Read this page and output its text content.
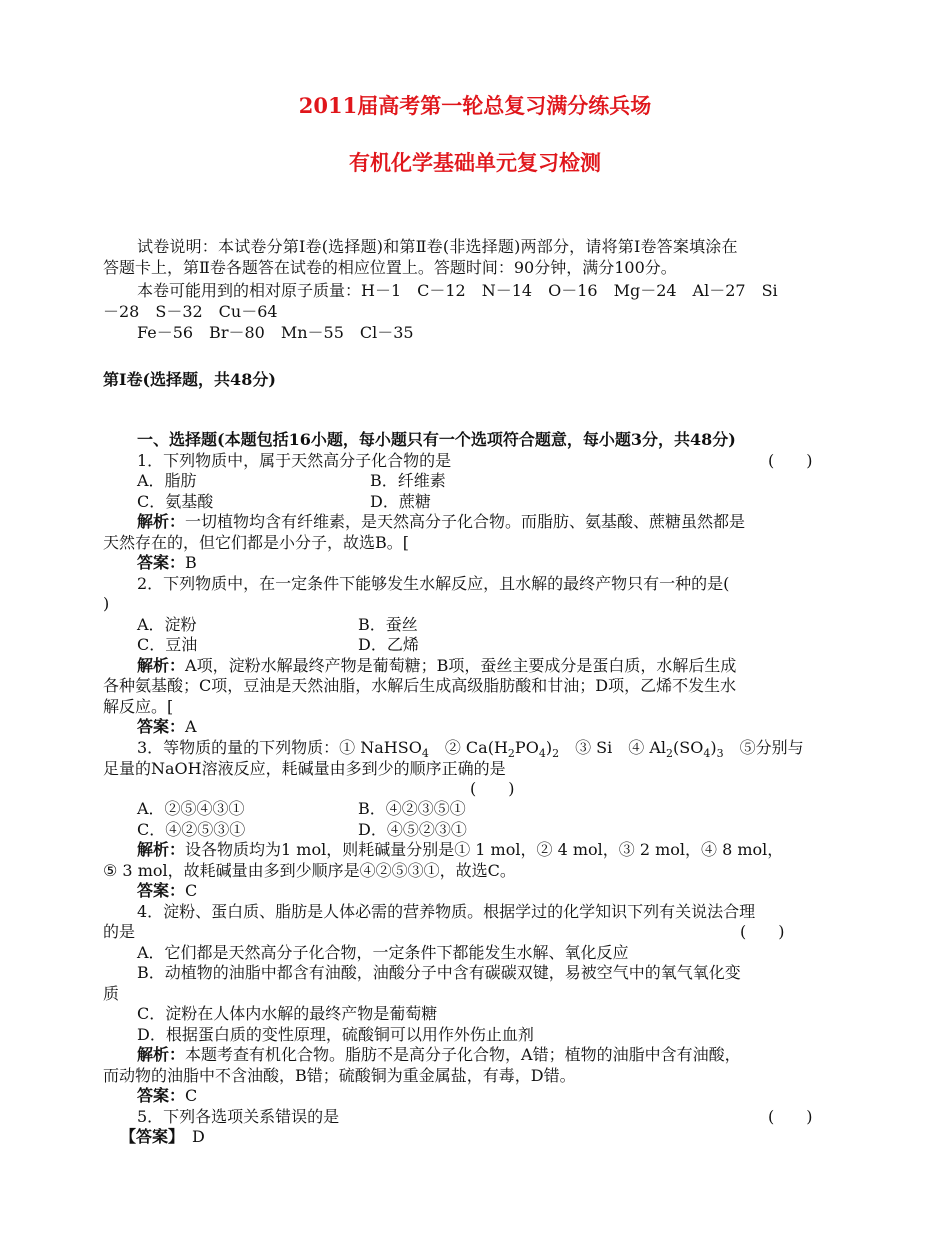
2011届高考第一轮总复习满分练兵场
有机化学基础单元复习检测
试卷说明：本试卷分第Ⅰ卷(选择题)和第Ⅱ卷(非选择题)两部分，请将第Ⅰ卷答案填涂在
答题卡上，第Ⅱ卷各题答在试卷的相应位置上。答题时间：90分钟，满分100分。
本卷可能用到的相对原子质量：H－1　C－12　N－14　O－16　Mg－24　Al－27　Si
－28　S－32　Cu－64
Fe－56　Br－80　Mn－55　Cl－35
第Ⅰ卷(选择题，共48分)
一、选择题(本题包括16小题，每小题只有一个选项符合题意，每小题3分，共48分)
1．下列物质中，属于天然高分子化合物的是	(　　)
A．脂肪	B．纤维素
C．氨基酸	D．蔗糖
解析：一切植物均含有纤维素，是天然高分子化合物。而脂肪、氨基酸、蔗糖虽然都是
天然存在的，但它们都是小分子，故选B。[
答案：B
2．下列物质中，在一定条件下能够发生水解反应，且水解的最终产物只有一种的是(
)
A．淀粉	B．蚕丝
C．豆油	D．乙烯
解析：A项，淀粉水解最终产物是葡萄糖；B项，蚕丝主要成分是蛋白质，水解后生成
各种氨基酸；C项，豆油是天然油脂，水解后生成高级脂肪酸和甘油；D项，乙烯不发生水
解反应。[
答案：A
3．等物质的量的下列物质：① NaHSO$_4$　② $Ca(H_2PO_4)_2$　③ Si　④ $Al_2(SO_4)_3$　⑤分别与
足量的NaOH溶液反应，耗碱量由多到少的顺序正确的是
(　　)
A．②⑤④③①	B．④②③⑤①
C．④②⑤③①	D．④⑤②③①
解析：设各物质均为1 mol，则耗碱量分别是① 1 mol，② 4 mol，③ 2 mol，④ 8 mol，
⑤ 3 mol，故耗碱量由多到少顺序是④②⑤③①，故选C。
答案：C
4．淀粉、蛋白质、脂肪是人体必需的营养物质。根据学过的化学知识下列有关说法合理
的是	(　　)
A．它们都是天然高分子化合物，一定条件下都能发生水解、氧化反应
B．动植物的油脂中都含有油酸，油酸分子中含有碳碳双键，易被空气中的氧气氧化变
质
C．淀粉在人体内水解的最终产物是葡萄糖
D．根据蛋白质的变性原理，硫酸铜可以用作外伤止血剂
解析：本题考查有机化合物。脂肪不是高分子化合物，A错；植物的油脂中含有油酸，
而动物的油脂中不含油酸，B错；硫酸铜为重金属盐，有毒，D错。
答案：C
5．下列各选项关系错误的是	(　　)
【答案】　 D
